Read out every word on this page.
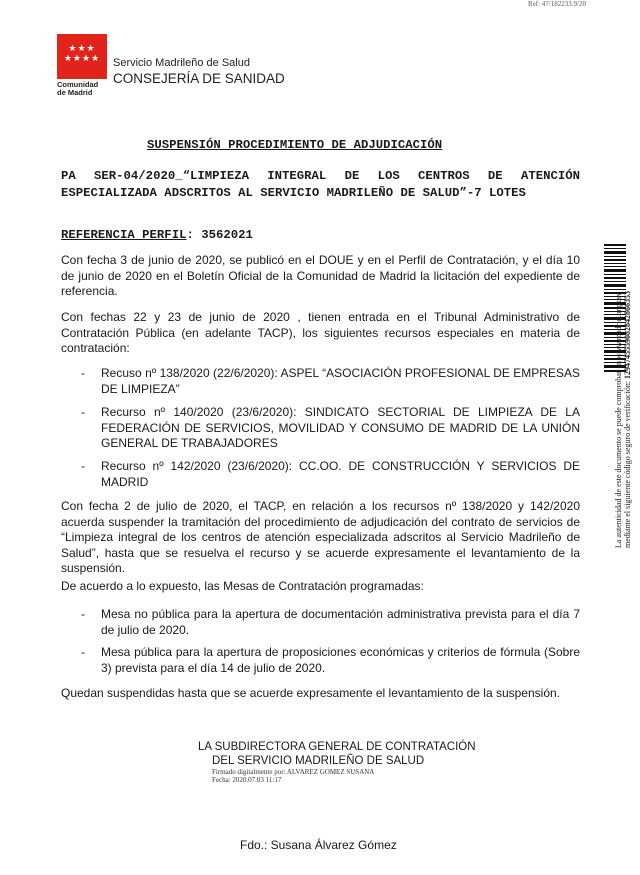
Ref: 47/182233.9/20
★★★
★★★★
Comunidad
de Madrid
Servicio Madrileño de Salud
CONSEJERÍA DE SANIDAD
SUSPENSIÓN PROCEDIMIENTO DE ADJUDICACIÓN
PA SER-04/2020_“LIMPIEZA INTEGRAL DE LOS CENTROS DE ATENCIÓN ESPECIALIZADA ADSCRITOS AL SERVICIO MADRILEÑO DE SALUD”-7 LOTES
REFERENCIA PERFIL: 3562021
Con fecha 3 de junio de 2020, se publicó en el DOUE y en el Perfil de Contratación, y el día 10 de junio de 2020 en el Boletín Oficial de la Comunidad de Madrid la licitación del expediente de referencia.
Con fechas 22 y 23 de junio de 2020 , tienen entrada en el Tribunal Administrativo de Contratación Pública (en adelante TACP), los siguientes recursos especiales en materia de contratación:
- Recuso nº 138/2020 (22/6/2020): ASPEL “ASOCIACIÓN PROFESIONAL DE EMPRESAS DE LIMPIEZA”
- Recurso nº 140/2020 (23/6/2020): SINDICATO SECTORIAL DE LIMPIEZA DE LA FEDERACIÓN DE SERVICIOS, MOVILIDAD Y CONSUMO DE MADRID DE LA UNIÓN GENERAL DE TRABAJADORES
- Recurso nº 142/2020 (23/6/2020): CC.OO. DE CONSTRUCCIÓN Y SERVICIOS DE MADRID
Con fecha 2 de julio de 2020, el TACP, en relación a los recursos nº 138/2020 y 142/2020 acuerda suspender la tramitación del procedimiento de adjudicación del contrato de servicios de “Limpieza integral de los centros de atención especializada adscritos al Servicio Madrileño de Salud”, hasta que se resuelva el recurso y se acuerde expresamente el levantamiento de la suspensión.
De acuerdo a lo expuesto, las Mesas de Contratación programadas:
- Mesa no pública para la apertura de documentación administrativa prevista para el día 7 de julio de 2020.
- Mesa pública para la apertura de proposiciones económicas y criterios de fórmula (Sobre 3) prevista para el día 14 de julio de 2020.
Quedan suspendidas hasta que se acuerde expresamente el levantamiento de la suspensión.
LA SUBDIRECTORA GENERAL DE CONTRATACIÓN
DEL SERVICIO MADRILEÑO DE SALUD
Firmado digitalmente por: ALVAREZ GOMEZ SUSANA
Fecha: 2020.07.03 11:17
Fdo.: Susana Álvarez Gómez
La autenticidad de este documento se puede comprobar en www.madrid.org/csv mediante el siguiente código seguro de verificación: 1294745559082842866353
